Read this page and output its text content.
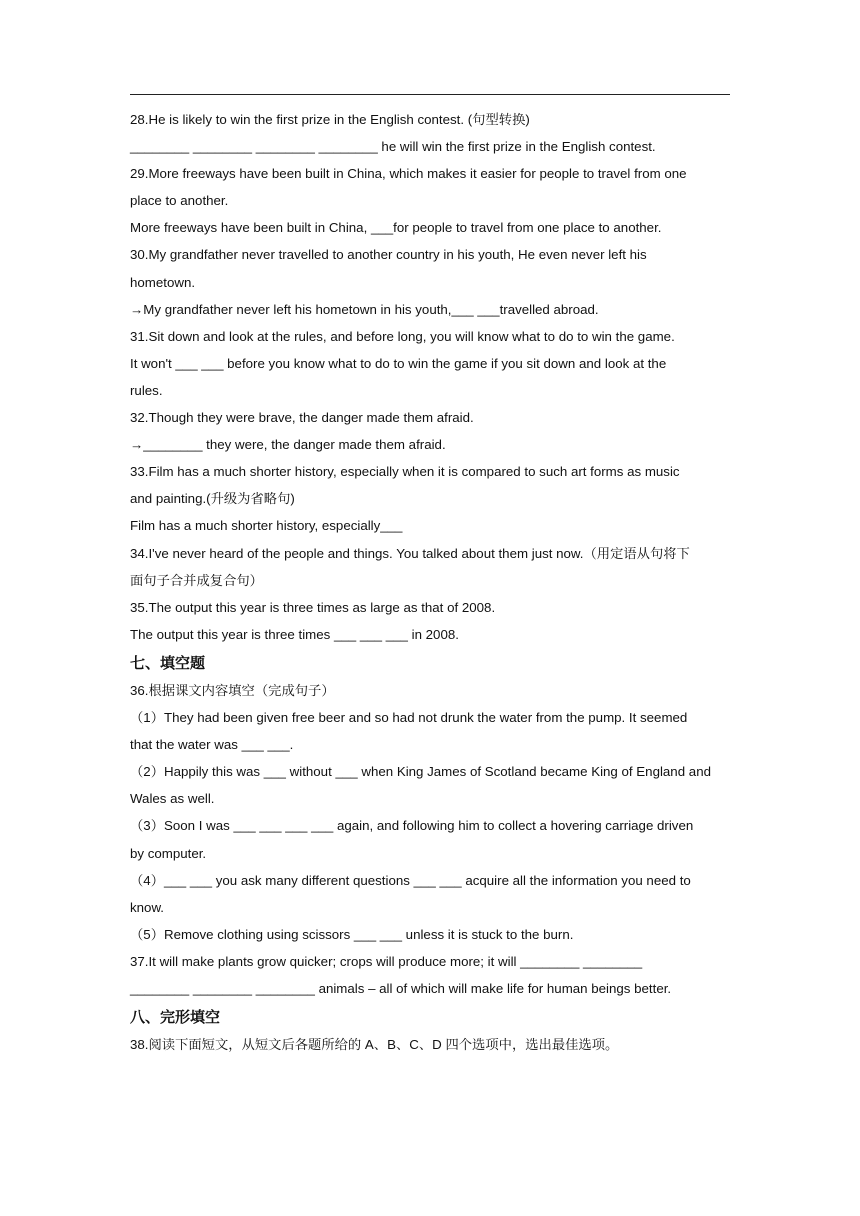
28.He is likely to win the first prize in the English contest. (句型转换)
________ ________ ________ ________ he will win the first prize in the English contest.
29.More freeways have been built in China, which makes it easier for people to travel from one
place to another.
More freeways have been built in China, ___for people to travel from one place to another.
30.My grandfather never travelled to another country in his youth, He even never left his
hometown.
→My grandfather never left his hometown in his youth,___ ___travelled abroad.
31.Sit down and look at the rules, and before long, you will know what to do to win the game.
It won't ___ ___ before you know what to do to win the game if you sit down and look at the
rules.
32.Though they were brave, the danger made them afraid.
→________ they were, the danger made them afraid.
33.Film has a much shorter history, especially when it is compared to such art forms as music
and painting.(升级为省略句)
Film has a much shorter history, especially___
34.I've never heard of the people and things. You talked about them just now.（用定语从句将下
面句子合并成复合句）
35.The output this year is three times as large as that of 2008.
The output this year is three times ___ ___ ___ in 2008.
七、填空题
36.根据课文内容填空（完成句子）
（1）They had been given free beer and so had not drunk the water from the pump. It seemed
that the water was ___ ___.
（2）Happily this was ___ without ___ when King James of Scotland became King of England and
Wales as well.
（3）Soon I was ___ ___ ___ ___ again, and following him to collect a hovering carriage driven
by computer.
（4）___ ___ you ask many different questions ___ ___ acquire all the information you need to
know.
（5）Remove clothing using scissors ___ ___ unless it is stuck to the burn.
37.It will make plants grow quicker; crops will produce more; it will ________ ________
________ ________ ________ animals – all of which will make life for human beings better.
八、完形填空
38.阅读下面短文，从短文后各题所给的 A、B、C、D 四个选项中，选出最佳选项。
